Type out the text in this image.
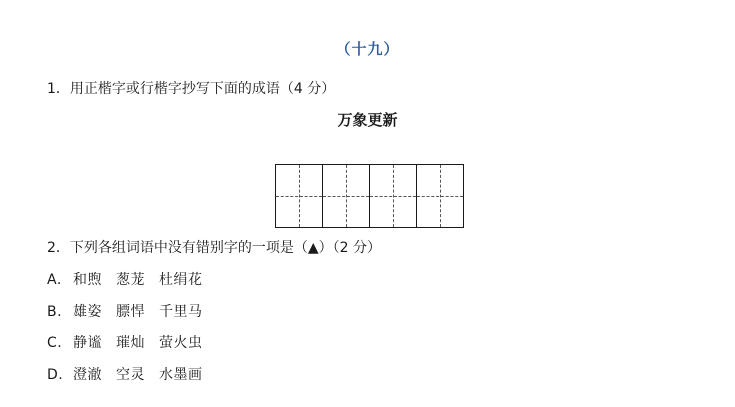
（十九）
1．用正楷字或行楷字抄写下面的成语（4 分）
万象更新
2．下列各组词语中没有错别字的一项是（▲）（2 分）
A. 和煦 葱茏 杜绢花
B. 雄姿 膘悍 千里马
C. 静谧 璀灿 萤火虫
D. 澄澈 空灵 水墨画
